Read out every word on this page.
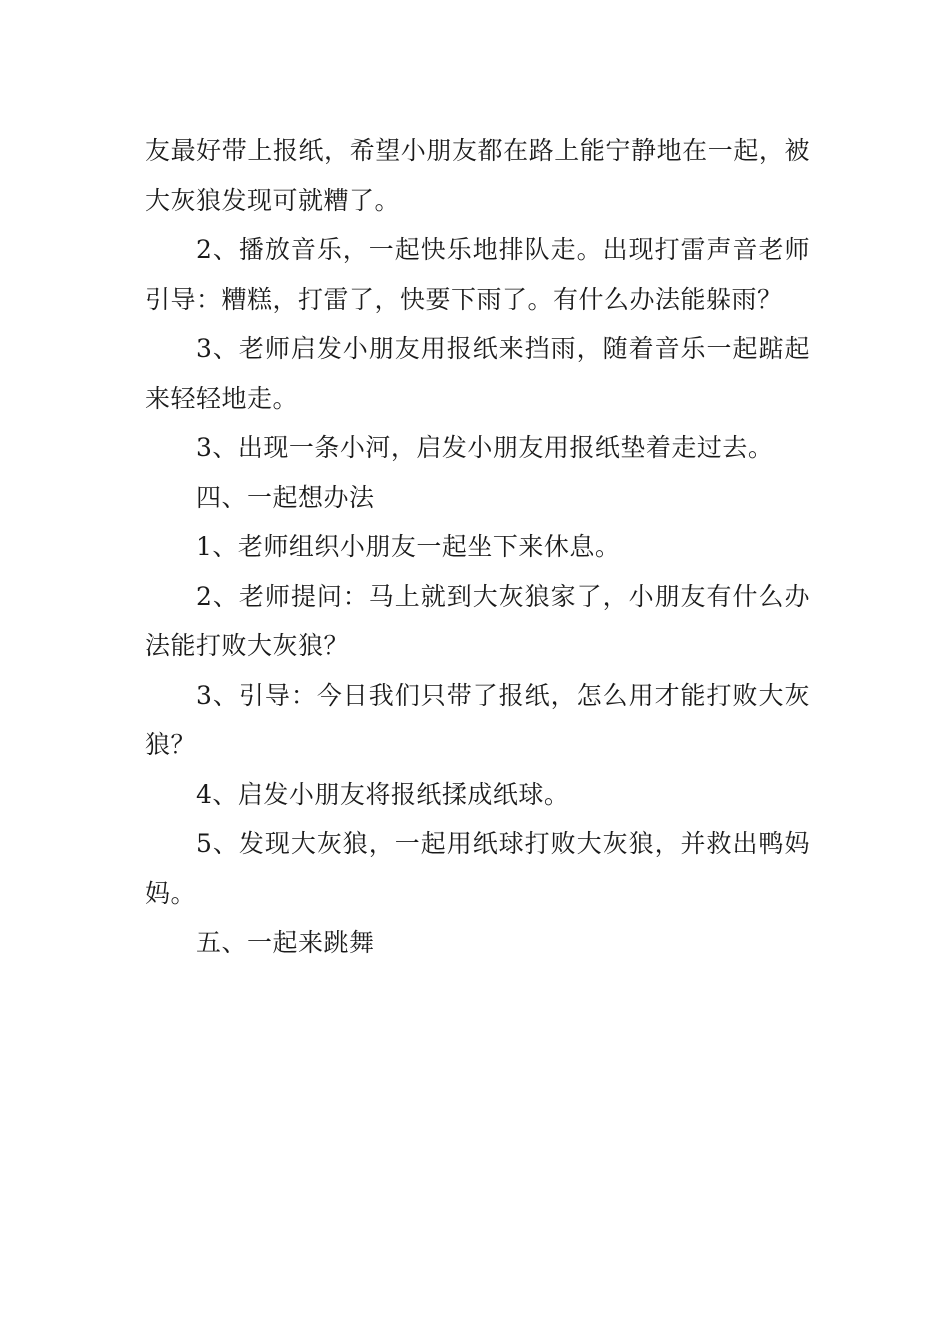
友最好带上报纸，希望小朋友都在路上能宁静地在一起，被大灰狼发现可就糟了。

2、播放音乐，一起快乐地排队走。出现打雷声音老师引导：糟糕，打雷了，快要下雨了。有什么办法能躲雨？

3、老师启发小朋友用报纸来挡雨，随着音乐一起踮起来轻轻地走。

3、出现一条小河，启发小朋友用报纸垫着走过去。

四、一起想办法

1、老师组织小朋友一起坐下来休息。

2、老师提问：马上就到大灰狼家了，小朋友有什么办法能打败大灰狼？

3、引导：今日我们只带了报纸，怎么用才能打败大灰狼？

4、启发小朋友将报纸揉成纸球。

5、发现大灰狼，一起用纸球打败大灰狼，并救出鸭妈妈。

五、一起来跳舞
